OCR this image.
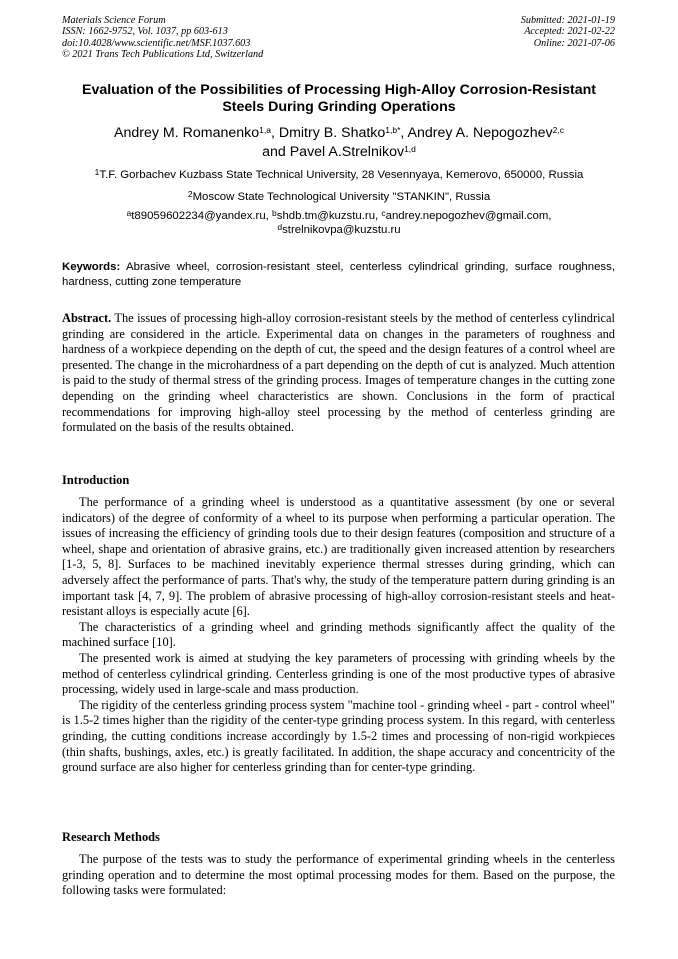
Materials Science Forum
ISSN: 1662-9752, Vol. 1037, pp 603-613
doi:10.4028/www.scientific.net/MSF.1037.603
© 2021 Trans Tech Publications Ltd, Switzerland
Submitted: 2021-01-19
Accepted: 2021-02-22
Online: 2021-07-06
Evaluation of the Possibilities of Processing High-Alloy Corrosion-Resistant Steels During Grinding Operations
Andrey M. Romanenko$^{1,a}$, Dmitry B. Shatko$^{1,b*}$, Andrey A. Nepogozhev$^{2,c}$
and Pavel A.Strelnikov$^{1,d}$
$^1$T.F. Gorbachev Kuzbass State Technical University, 28 Vesennyaya, Kemerovo, 650000, Russia
$^2$Moscow State Technological University "STANKIN", Russia
$^a$t89059602234@yandex.ru, $^b$shdb.tm@kuzstu.ru, $^c$andrey.nepogozhev@gmail.com,
$^d$strelnikovpa@kuzstu.ru
Keywords: Abrasive wheel, corrosion-resistant steel, centerless cylindrical grinding, surface roughness, hardness, cutting zone temperature
Abstract. The issues of processing high-alloy corrosion-resistant steels by the method of centerless cylindrical grinding are considered in the article. Experimental data on changes in the parameters of roughness and hardness of a workpiece depending on the depth of cut, the speed and the design features of a control wheel are presented. The change in the microhardness of a part depending on the depth of cut is analyzed. Much attention is paid to the study of thermal stress of the grinding process. Images of temperature changes in the cutting zone depending on the grinding wheel characteristics are shown. Conclusions in the form of practical recommendations for improving high-alloy steel processing by the method of centerless grinding are formulated on the basis of the results obtained.
Introduction

The performance of a grinding wheel is understood as a quantitative assessment (by one or several indicators) of the degree of conformity of a wheel to its purpose when performing a particular operation. The issues of increasing the efficiency of grinding tools due to their design features (composition and structure of a wheel, shape and orientation of abrasive grains, etc.) are traditionally given increased attention by researchers [1-3, 5, 8]. Surfaces to be machined inevitably experience thermal stresses during grinding, which can adversely affect the performance of parts. That's why, the study of the temperature pattern during grinding is an important task [4, 7, 9]. The problem of abrasive processing of high-alloy corrosion-resistant steels and heat-resistant alloys is especially acute [6].

The characteristics of a grinding wheel and grinding methods significantly affect the quality of the machined surface [10].

The presented work is aimed at studying the key parameters of processing with grinding wheels by the method of centerless cylindrical grinding. Centerless grinding is one of the most productive types of abrasive processing, widely used in large-scale and mass production.

The rigidity of the centerless grinding process system "machine tool - grinding wheel - part - control wheel" is 1.5-2 times higher than the rigidity of the center-type grinding process system. In this regard, with centerless grinding, the cutting conditions increase accordingly by 1.5-2 times and processing of non-rigid workpieces (thin shafts, bushings, axles, etc.) is greatly facilitated. In addition, the shape accuracy and concentricity of the ground surface are also higher for centerless grinding than for center-type grinding.

Research Methods

The purpose of the tests was to study the performance of experimental grinding wheels in the centerless grinding operation and to determine the most optimal processing modes for them. Based on the purpose, the following tasks were formulated:
